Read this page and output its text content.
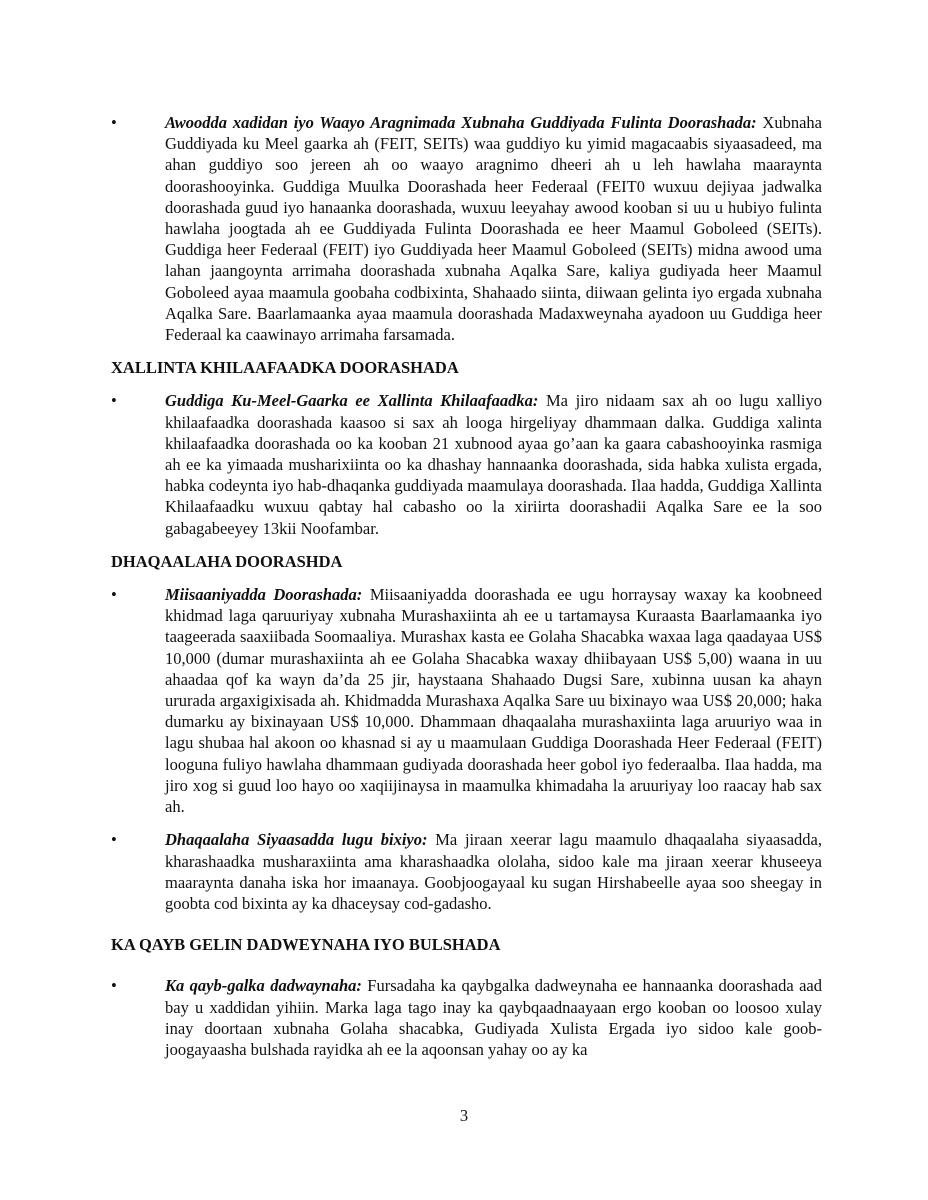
•	Awoodda xadidan iyo Waayo Aragnimada Xubnaha Guddiyada Fulinta Doorashada: Xubnaha Guddiyada ku Meel gaarka ah (FEIT, SEITs) waa guddiyo ku yimid magacaabis siyaasadeed, ma ahan guddiyo soo jereen ah oo waayo aragnimo dheeri ah u leh hawlaha maaraynta doorashooyinka. Guddiga Muulka Doorashada heer Federaal (FEIT0 wuxuu dejiyaa jadwalka doorashada guud iyo hanaanka doorashada, wuxuu leeyahay awood kooban si uu u hubiyo fulinta hawlaha joogtada ah ee Guddiyada Fulinta Doorashada ee heer Maamul Goboleed (SEITs). Guddiga heer Federaal (FEIT) iyo Guddiyada heer Maamul Goboleed (SEITs) midna awood uma lahan jaangoynta arrimaha doorashada xubnaha Aqalka Sare, kaliya gudiyada heer Maamul Goboleed ayaa maamula goobaha codbixinta, Shahaado siinta, diiwaan gelinta iyo ergada xubnaha Aqalka Sare. Baarlamaanka ayaa maamula doorashada Madaxweynaha ayadoon uu Guddiga heer Federaal ka caawinayo arrimaha farsamada.

XALLINTA KHILAAFAADKA DOORASHADA
•	Guddiga Ku-Meel-Gaarka ee Xallinta Khilaafaadka: Ma jiro nidaam sax ah oo lugu xalliyo khilaafaadka doorashada kaasoo si sax ah looga hirgeliyay dhammaan dalka. Guddiga xalinta khilaafaadka doorashada oo ka kooban 21 xubnood ayaa go’aan ka gaara cabashooyinka rasmiga ah ee ka yimaada musharixiinta oo ka dhashay hannaanka doorashada, sida habka xulista ergada, habka codeynta iyo hab-dhaqanka guddiyada maamulaya doorashada. Ilaa hadda, Guddiga Xallinta Khilaafaadku wuxuu qabtay hal cabasho oo la xiriirta doorashadii Aqalka Sare ee la soo gabagabeeyey 13kii Noofambar.

DHAQAALAHA DOORASHDA
•	Miisaaniyadda Doorashada: Miisaaniyadda doorashada ee ugu horraysay waxay ka koobneed khidmad laga qaruuriyay xubnaha Murashaxiinta ah ee u tartamaysa Kuraasta Baarlamaanka iyo taageerada saaxiibada Soomaaliya. Murashax kasta ee Golaha Shacabka waxaa laga qaadayaa US$ 10,000 (dumar murashaxiinta ah ee Golaha Shacabka waxay dhiibayaan US$ 5,00) waana in uu ahaadaa qof ka wayn da’da 25 jir, haystaana Shahaado Dugsi Sare, xubinna uusan ka ahayn ururada argaxigixisada ah. Khidmadda Murashaxa Aqalka Sare uu bixinayo waa US$ 20,000; haka dumarku ay bixinayaan US$ 10,000. Dhammaan dhaqaalaha murashaxiinta laga aruuriyo waa in lagu shubaa hal akoon oo khasnad si ay u maamulaan Guddiga Doorashada Heer Federaal (FEIT) looguna fuliyo hawlaha dhammaan gudiyada doorashada heer gobol iyo federaalba. Ilaa hadda, ma jiro xog si guud loo hayo oo xaqiijinaysa in maamulka khimadaha la aruuriyay loo raacay hab sax ah.

•	Dhaqaalaha Siyaasadda lugu bixiyo: Ma jiraan xeerar lagu maamulo dhaqaalaha siyaasadda, kharashaadka musharaxiinta ama kharashaadka ololaha, sidoo kale ma jiraan xeerar khuseeya maaraynta danaha iska hor imaanaya. Goobjoogayaal ku sugan Hirshabeelle ayaa soo sheegay in goobta cod bixinta ay ka dhaceysay cod-gadasho.

KA QAYB GELIN DADWEYNAHA IYO BULSHADA
•	Ka qayb-galka dadwaynaha: Fursadaha ka qaybgalka dadweynaha ee hannaanka doorashada aad bay u xaddidan yihiin. Marka laga tago inay ka qaybqaadnaayaan ergo kooban oo loosoo xulay inay doortaan xubnaha Golaha shacabka, Gudiyada Xulista Ergada iyo sidoo kale goob-joogayaasha bulshada rayidka ah ee la aqoonsan yahay oo ay ka

3
